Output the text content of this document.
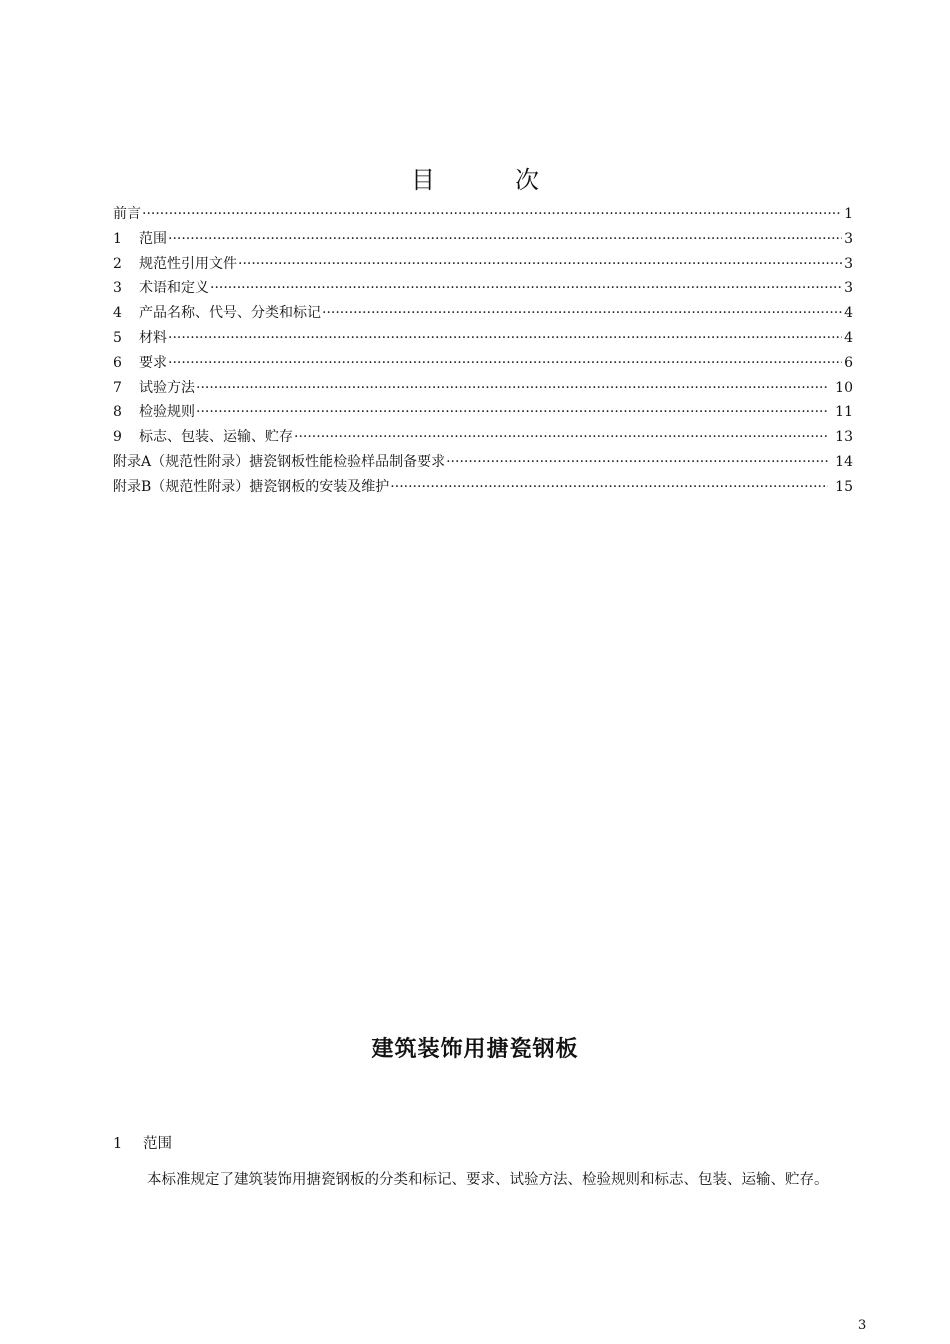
目	次
前言 ·····	1
1	范围 ·····	3
2	规范性引用文件 ·····	3
3	术语和定义 ·····	3
4	产品名称、代号、分类和标记 ·····	4
5	材料 ·····	4
6	要求 ·····	6
7	试验方法 ·····	10
8	检验规则 ·····	11
9	标志、包装、运输、贮存 ·····	13
附录A（规范性附录）搪瓷钢板性能检验样品制备要求 ·····	14
附录B（规范性附录）搪瓷钢板的安装及维护 ·····	15
建筑装饰用搪瓷钢板
1 范围
本标准规定了建筑装饰用搪瓷钢板的分类和标记、要求、试验方法、检验规则和标志、包装、运输、贮存。
3
